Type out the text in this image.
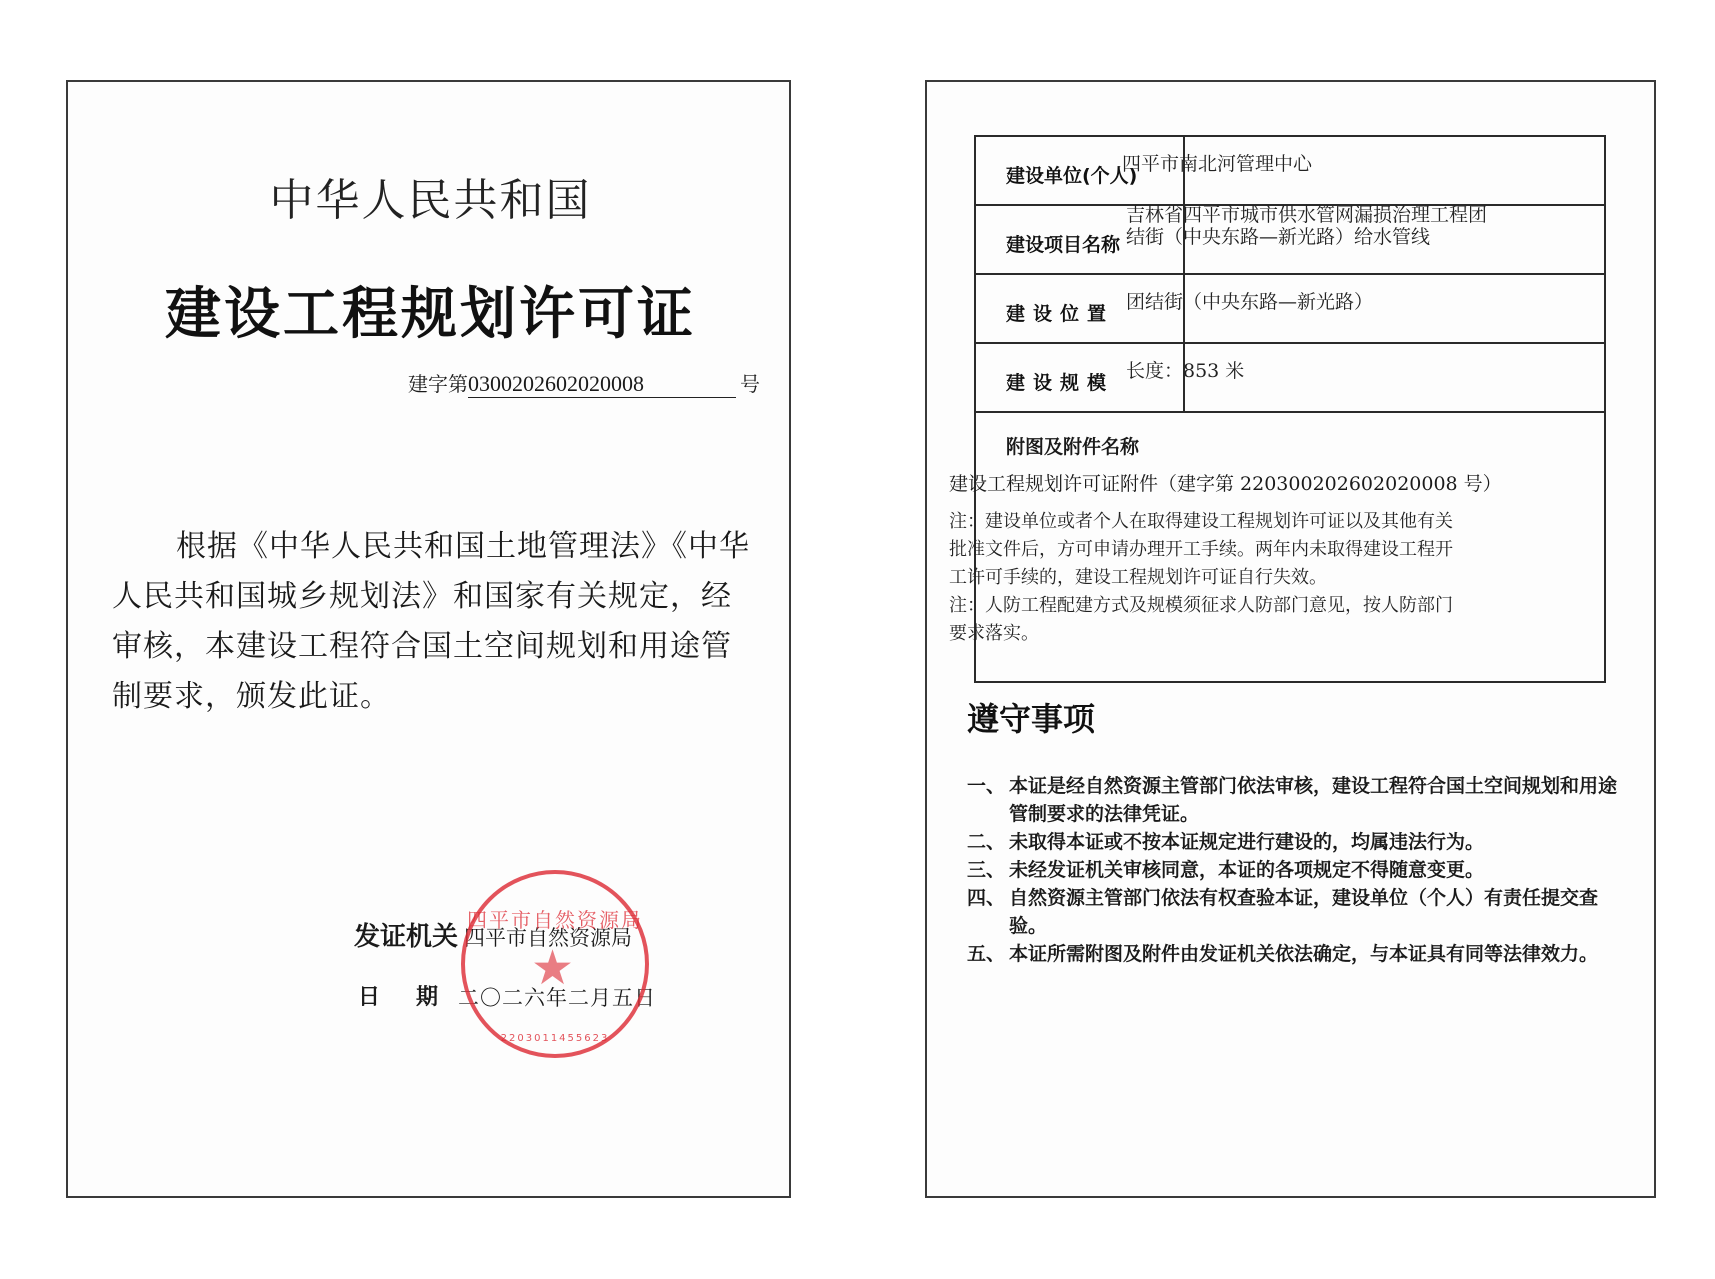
中华人民共和国
建设工程规划许可证
建字第0300202602020008	号
根据《中华人民共和国土地管理法》《中华人民共和国城乡规划法》和国家有关规定，经审核，本建设工程符合国土空间规划和用途管制要求，颁发此证。
发证机关 四平市自然资源局
日期
二〇二六年二月五日
四平市自然资源局
★
2203011455623
建设单位(个人)
四平市南北河管理中心
建设项目名称
吉林省四平市城市供水管网漏损治理工程团
结街（中央东路—新光路）给水管线
建设位置
团结街（中央东路—新光路）
建设规模
长度：853 米
附图及附件名称
建设工程规划许可证附件（建字第 220300202602020008 号）
注：建设单位或者个人在取得建设工程规划许可证以及其他有关
批准文件后，方可申请办理开工手续。两年内未取得建设工程开
工许可手续的，建设工程规划许可证自行失效。
注：人防工程配建方式及规模须征求人防部门意见，按人防部门
要求落实。
遵守事项
一、 本证是经自然资源主管部门依法审核，建设工程符合国土空间规划和用途管制要求的法律凭证。
二、 未取得本证或不按本证规定进行建设的，均属违法行为。
三、 未经发证机关审核同意，本证的各项规定不得随意变更。
四、 自然资源主管部门依法有权查验本证，建设单位（个人）有责任提交查验。
五、 本证所需附图及附件由发证机关依法确定，与本证具有同等法律效力。
